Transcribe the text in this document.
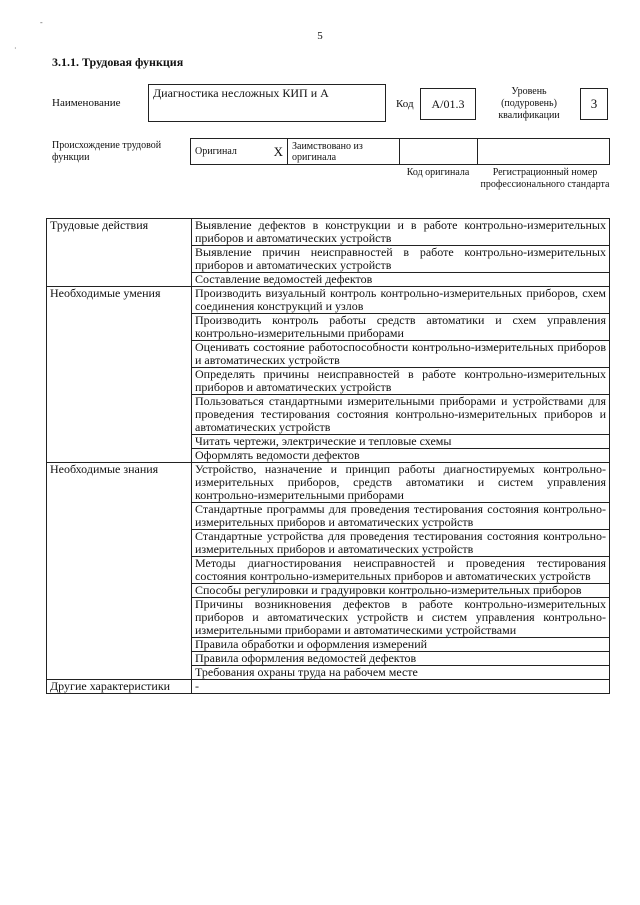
-
·
5
3.1.1. Трудовая функция
Наименование
Диагностика несложных КИП и А
Код	А/01.3
Уровень (подуровень) квалификации
3
Происхождение трудовой функции
Оригинал	Х Заимствовано из оригинала
Код оригинала	Регистрационный номер профессионального стандарта
Трудовые действия	Выявление дефектов в конструкции и в работе контрольно-измерительных приборов и автоматических устройств
	Выявление причин неисправностей в работе контрольно-измерительных приборов и автоматических устройств
	Составление ведомостей дефектов
Необходимые умения	Производить визуальный контроль контрольно-измерительных приборов, схем соединения конструкций и узлов
	Производить контроль работы средств автоматики и схем управления контрольно-измерительными приборами
	Оценивать состояние работоспособности контрольно-измерительных приборов и автоматических устройств
	Определять причины неисправностей в работе контрольно-измерительных приборов и автоматических устройств
	Пользоваться стандартными измерительными приборами и устройствами для проведения тестирования состояния контрольно-измерительных приборов и автоматических устройств
	Читать чертежи, электрические и тепловые схемы
	Оформлять ведомости дефектов
Необходимые знания	Устройство, назначение и принцип работы диагностируемых контрольно-измерительных приборов, средств автоматики и систем управления контрольно-измерительными приборами
	Стандартные программы для проведения тестирования состояния контрольно-измерительных приборов и автоматических устройств
	Стандартные устройства для проведения тестирования состояния контрольно-измерительных приборов и автоматических устройств
	Методы диагностирования неисправностей и проведения тестирования состояния контрольно-измерительных приборов и автоматических устройств
	Способы регулировки и градуировки контрольно-измерительных приборов
	Причины возникновения дефектов в работе контрольно-измерительных приборов и автоматических устройств и систем управления контрольно-измерительными приборами и автоматическими устройствами
	Правила обработки и оформления измерений
	Правила оформления ведомостей дефектов
	Требования охраны труда на рабочем месте
Другие характеристики	-
